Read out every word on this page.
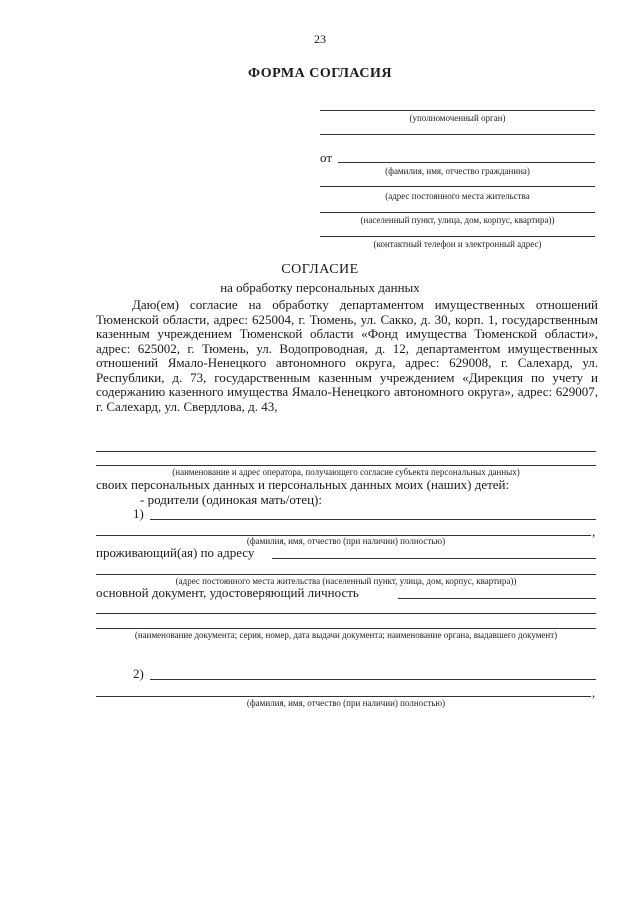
23
ФОРМА СОГЛАСИЯ
(уполномоченный орган)
от
(фамилия, имя, отчество гражданина)
(адрес постоянного места жительства
(населенный пункт, улица, дом, корпус, квартира))
(контактный телефон и электронный адрес)
СОГЛАСИЕ
на обработку персональных данных

Даю(ем) согласие на обработку департаментом имущественных отношений Тюменской области, адрес: 625004, г. Тюмень, ул. Сакко, д. 30, корп. 1, государственным казенным учреждением Тюменской области «Фонд имущества Тюменской области», адрес: 625002, г. Тюмень, ул. Водопроводная, д. 12, департаментом имущественных отношений Ямало-Ненецкого автономного округа, адрес: 629008, г. Салехард, ул. Республики, д. 73, государственным казенным учреждением «Дирекция по учету и содержанию казенного имущества Ямало-Ненецкого автономного округа», адрес: 629007, г. Салехард, ул. Свердлова, д. 43,

(наименование и адрес оператора, получающего согласие субъекта персональных данных)
своих персональных данных и персональных данных моих (наших) детей:
- родители (одинокая мать/отец):
1)
,
(фамилия, имя, отчество (при наличии) полностью)
проживающий(ая) по адресу
(адрес постоянного места жительства (населенный пункт, улица, дом, корпус, квартира))
основной документ, удостоверяющий личность
(наименование документа; серия, номер, дата выдачи документа; наименование органа, выдавшего документ)
2)
,
(фамилия, имя, отчество (при наличии) полностью)
